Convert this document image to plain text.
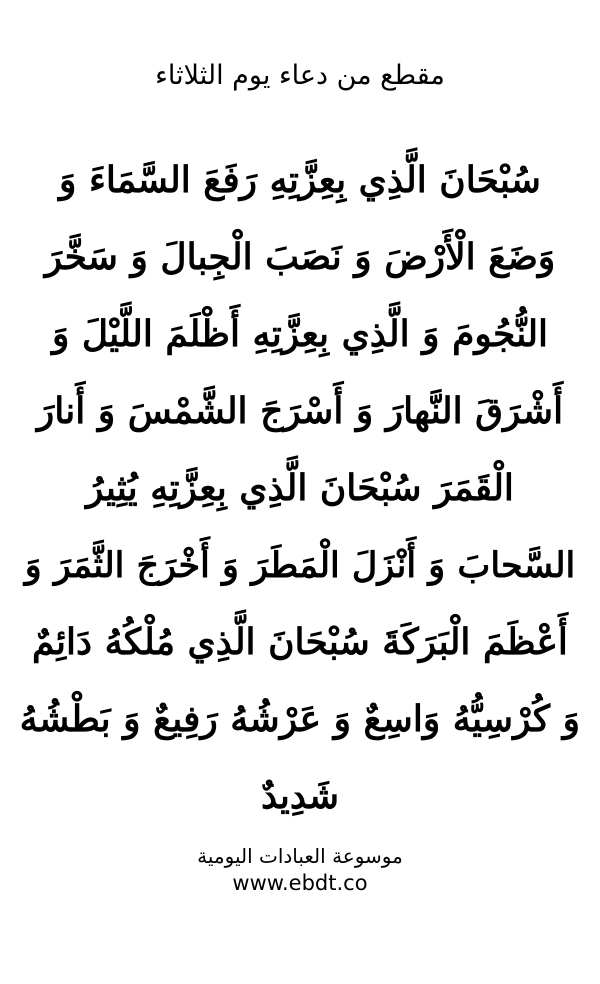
مقطع من دعاء يوم الثلاثاء
سُبْحَانَ الَّذِي بِعِزَّتِهِ رَفَعَ السَّمَاءَ وَ
وَضَعَ الْأَرْضَ وَ نَصَبَ الْجِبالَ وَ سَخَّرَ
النُّجُومَ وَ الَّذِي بِعِزَّتِهِ أَظْلَمَ اللَّيْلَ وَ
أَشْرَقَ النَّهارَ وَ أَسْرَجَ الشَّمْسَ وَ أَنارَ
الْقَمَرَ سُبْحَانَ الَّذِي بِعِزَّتِهِ يُثِيرُ
السَّحابَ وَ أَنْزَلَ الْمَطَرَ وَ أَخْرَجَ الثَّمَرَ وَ
أَعْظَمَ الْبَرَكَةَ سُبْحَانَ الَّذِي مُلْكُهُ دَائِمٌ
وَ كُرْسِيُّهُ وَاسِعٌ وَ عَرْشُهُ رَفِيعٌ وَ بَطْشُهُ
شَدِيدٌ
موسوعة العبادات اليومية
www.ebdt.co
